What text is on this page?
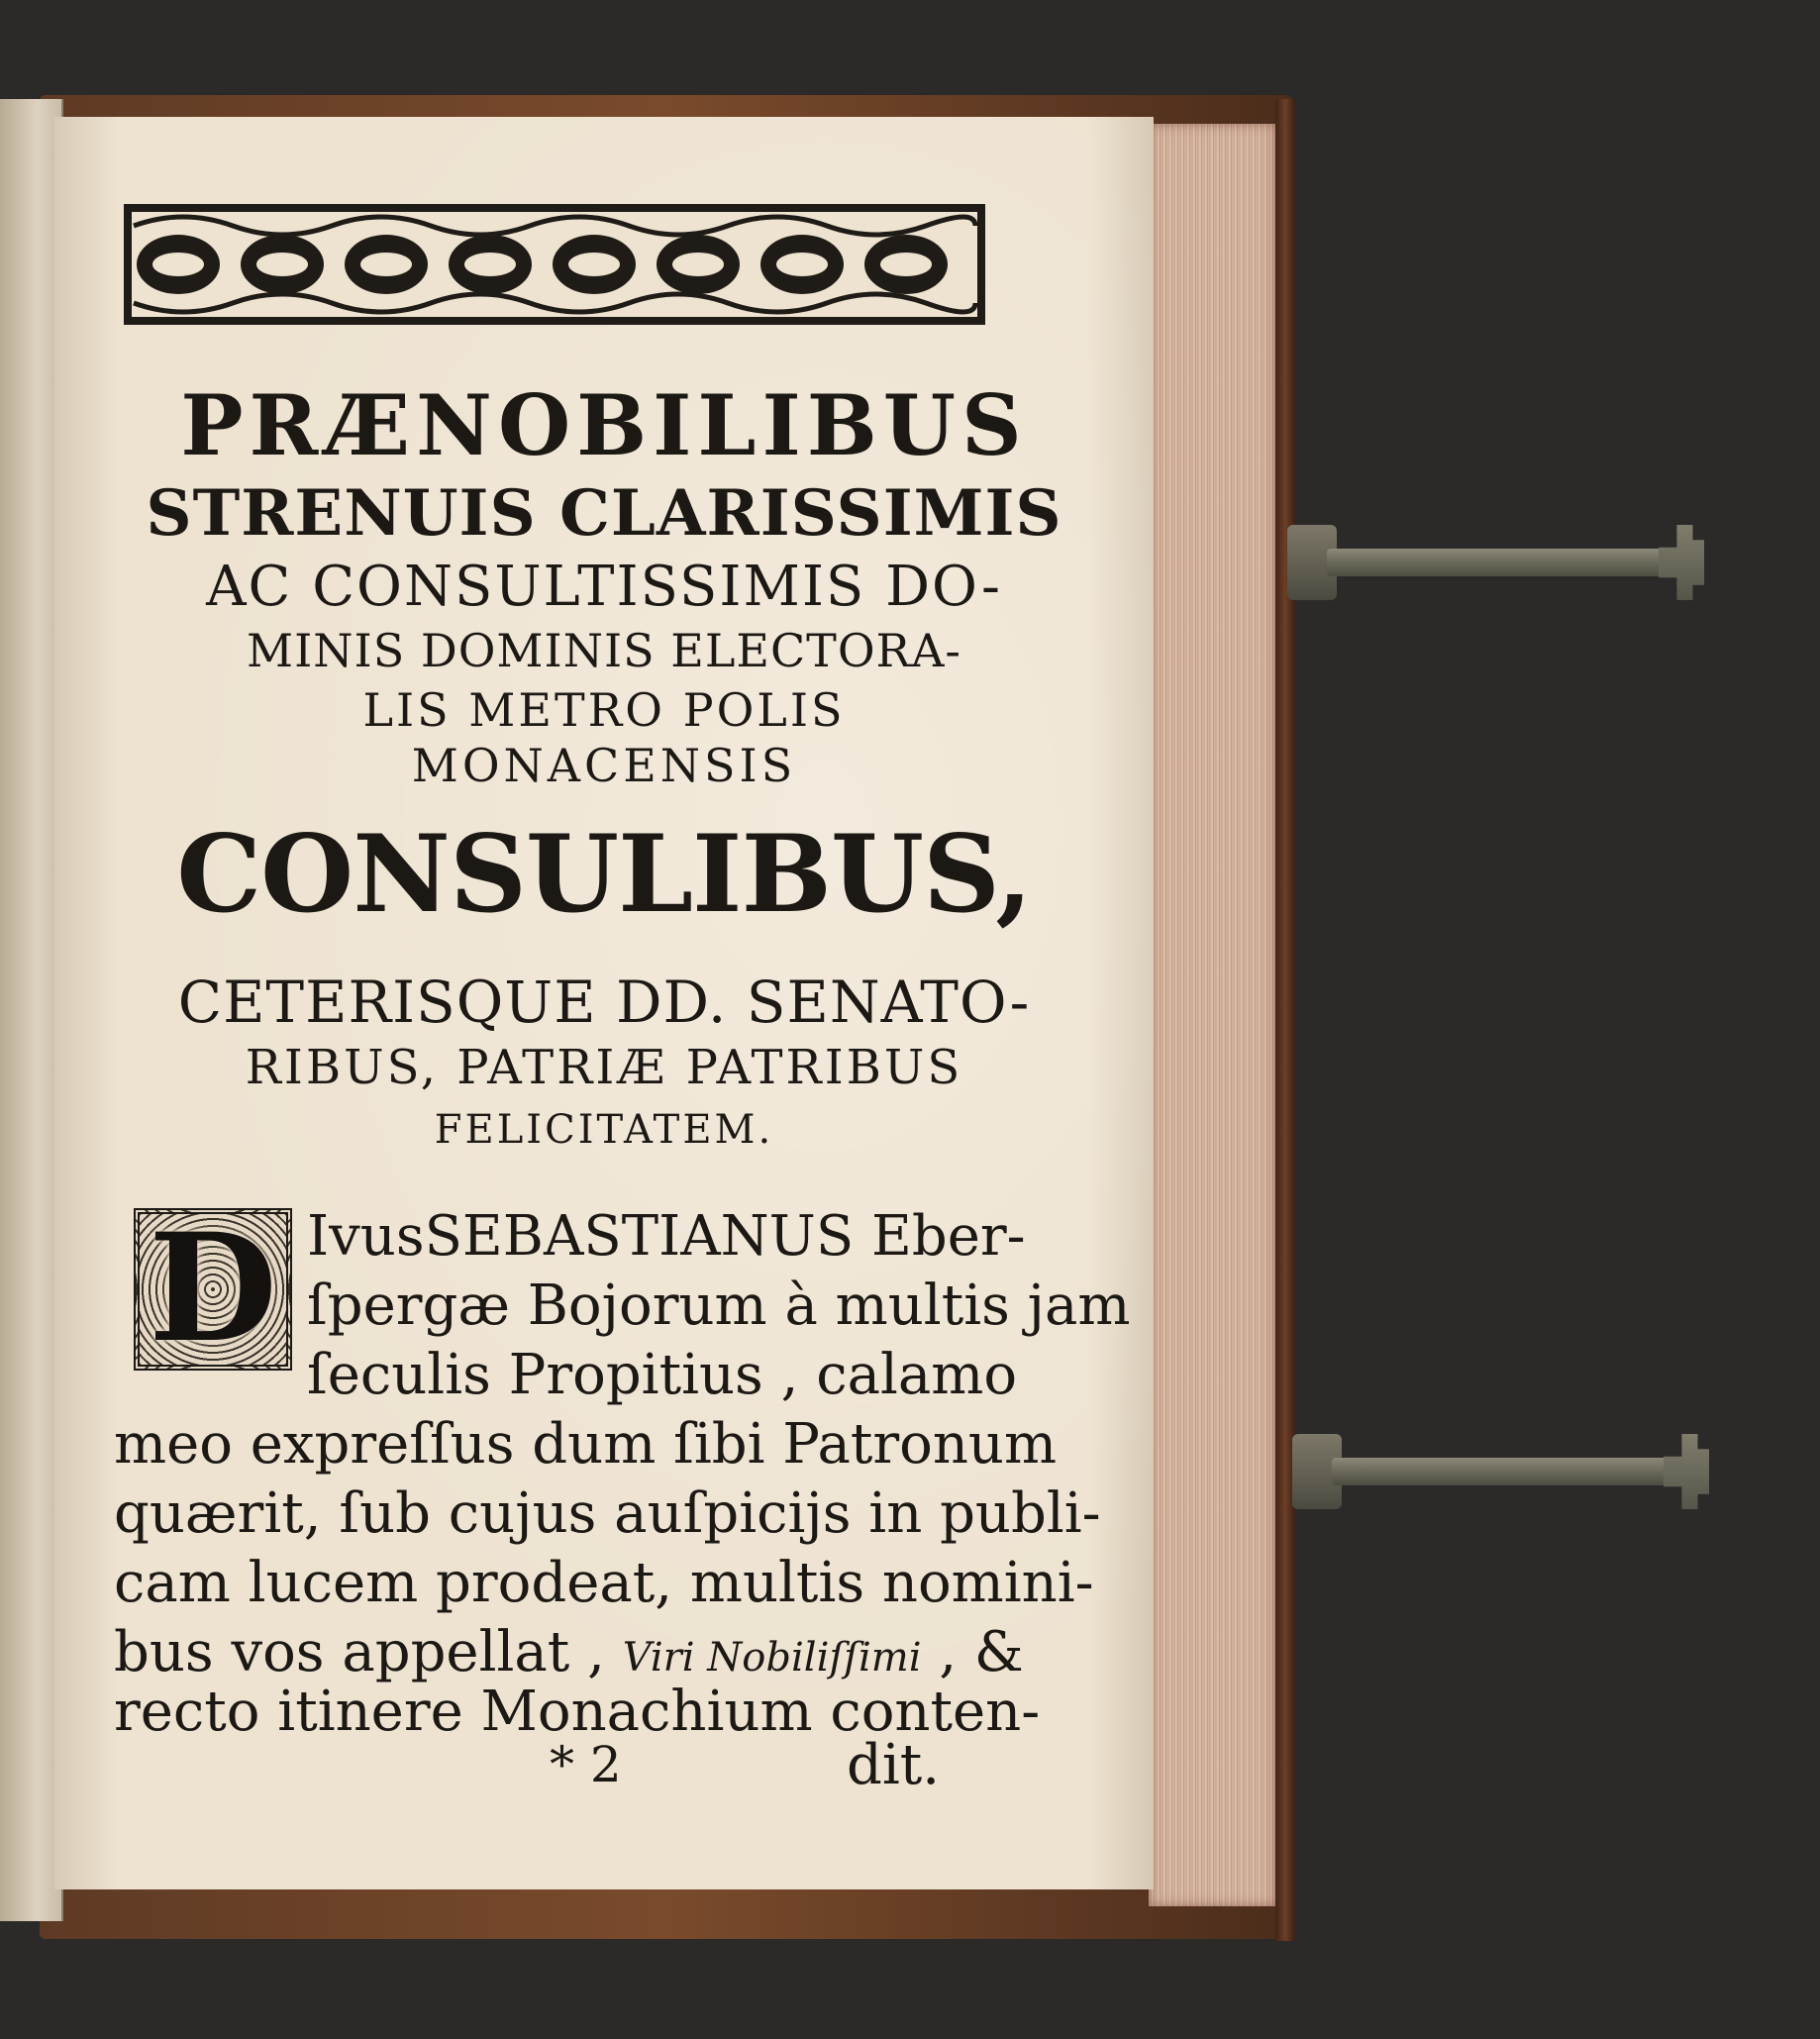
PRÆNOBILIBUS
STRENUIS CLARISSIMIS
AC CONSULTISSIMIS DO-
MINIS DOMINIS ELECTORA-
LIS METRO POLIS
MONACENSIS
CONSULIBUS,
CETERISQUE DD. SENATO-
RIBUS, PATRIÆ PATRIBUS
FELICITATEM.
D IvusSEBASTIANUS Eber-
ſpergæ Bojorum à multis jam
ſeculis Propitius , calamo
meo expreſſus dum ſibi Patronum
quærit, ſub cujus auſpicijs in publi-
cam lucem prodeat, multis nomini-
bus vos appellat , Viri Nobiliſſimi , &
recto itinere Monachium conten-
* 2	dit.
